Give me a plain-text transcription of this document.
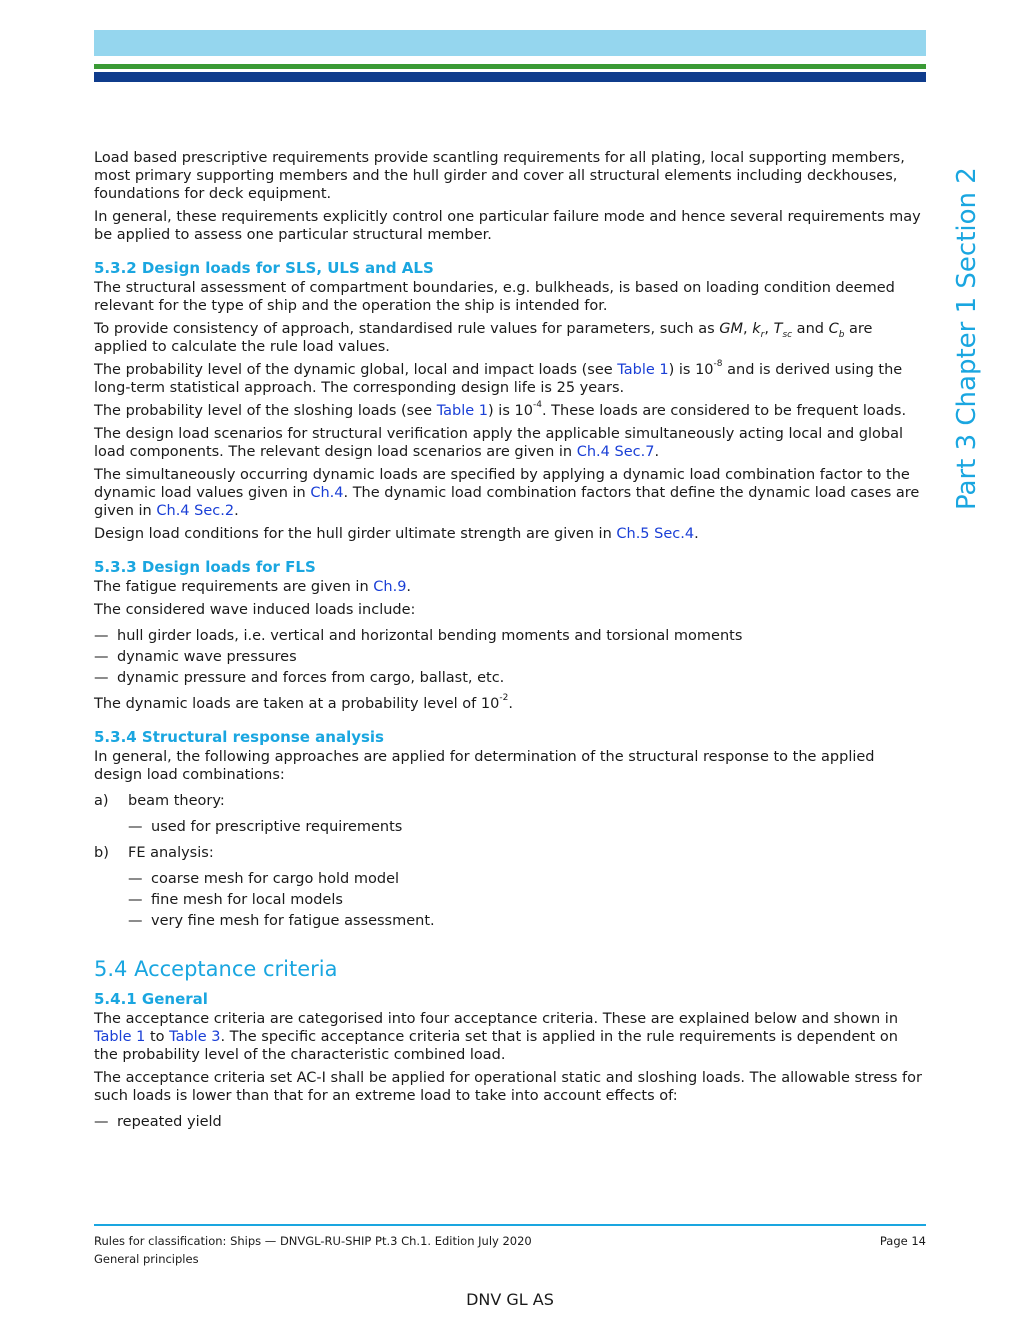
Part 3 Chapter 1 Section 2

Load based prescriptive requirements provide scantling requirements for all plating, local supporting members, most primary supporting members and the hull girder and cover all structural elements including deckhouses, foundations for deck equipment.

In general, these requirements explicitly control one particular failure mode and hence several requirements may be applied to assess one particular structural member.

5.3.2 Design loads for SLS, ULS and ALS

The structural assessment of compartment boundaries, e.g. bulkheads, is based on loading condition deemed relevant for the type of ship and the operation the ship is intended for.

To provide consistency of approach, standardised rule values for parameters, such as GM, $k_r$, $T_{sc}$ and $C_b$ are applied to calculate the rule load values.

The probability level of the dynamic global, local and impact loads (see Table 1) is $10^{-8}$ and is derived using the long-term statistical approach. The corresponding design life is 25 years.

The probability level of the sloshing loads (see Table 1) is $10^{-4}$. These loads are considered to be frequent loads.

The design load scenarios for structural verification apply the applicable simultaneously acting local and global load components. The relevant design load scenarios are given in Ch.4 Sec.7.

The simultaneously occurring dynamic loads are specified by applying a dynamic load combination factor to the dynamic load values given in Ch.4. The dynamic load combination factors that define the dynamic load cases are given in Ch.4 Sec.2.

Design load conditions for the hull girder ultimate strength are given in Ch.5 Sec.4.

5.3.3 Design loads for FLS

The fatigue requirements are given in Ch.9.

The considered wave induced loads include:

— hull girder loads, i.e. vertical and horizontal bending moments and torsional moments
— dynamic wave pressures
— dynamic pressure and forces from cargo, ballast, etc.

The dynamic loads are taken at a probability level of $10^{-2}$.

5.3.4 Structural response analysis

In general, the following approaches are applied for determination of the structural response to the applied design load combinations:

a)	beam theory:
— used for prescriptive requirements
b)	FE analysis:
— coarse mesh for cargo hold model
— fine mesh for local models
— very fine mesh for fatigue assessment.
5.4 Acceptance criteria
5.4.1 General

The acceptance criteria are categorised into four acceptance criteria. These are explained below and shown in Table 1 to Table 3. The specific acceptance criteria set that is applied in the rule requirements is dependent on the probability level of the characteristic combined load.

The acceptance criteria set AC-I shall be applied for operational static and sloshing loads. The allowable stress for such loads is lower than that for an extreme load to take into account effects of:

— repeated yield
Rules for classification: Ships — DNVGL-RU-SHIP Pt.3 Ch.1. Edition July 2020
General principles
Page 14
DNV GL AS
